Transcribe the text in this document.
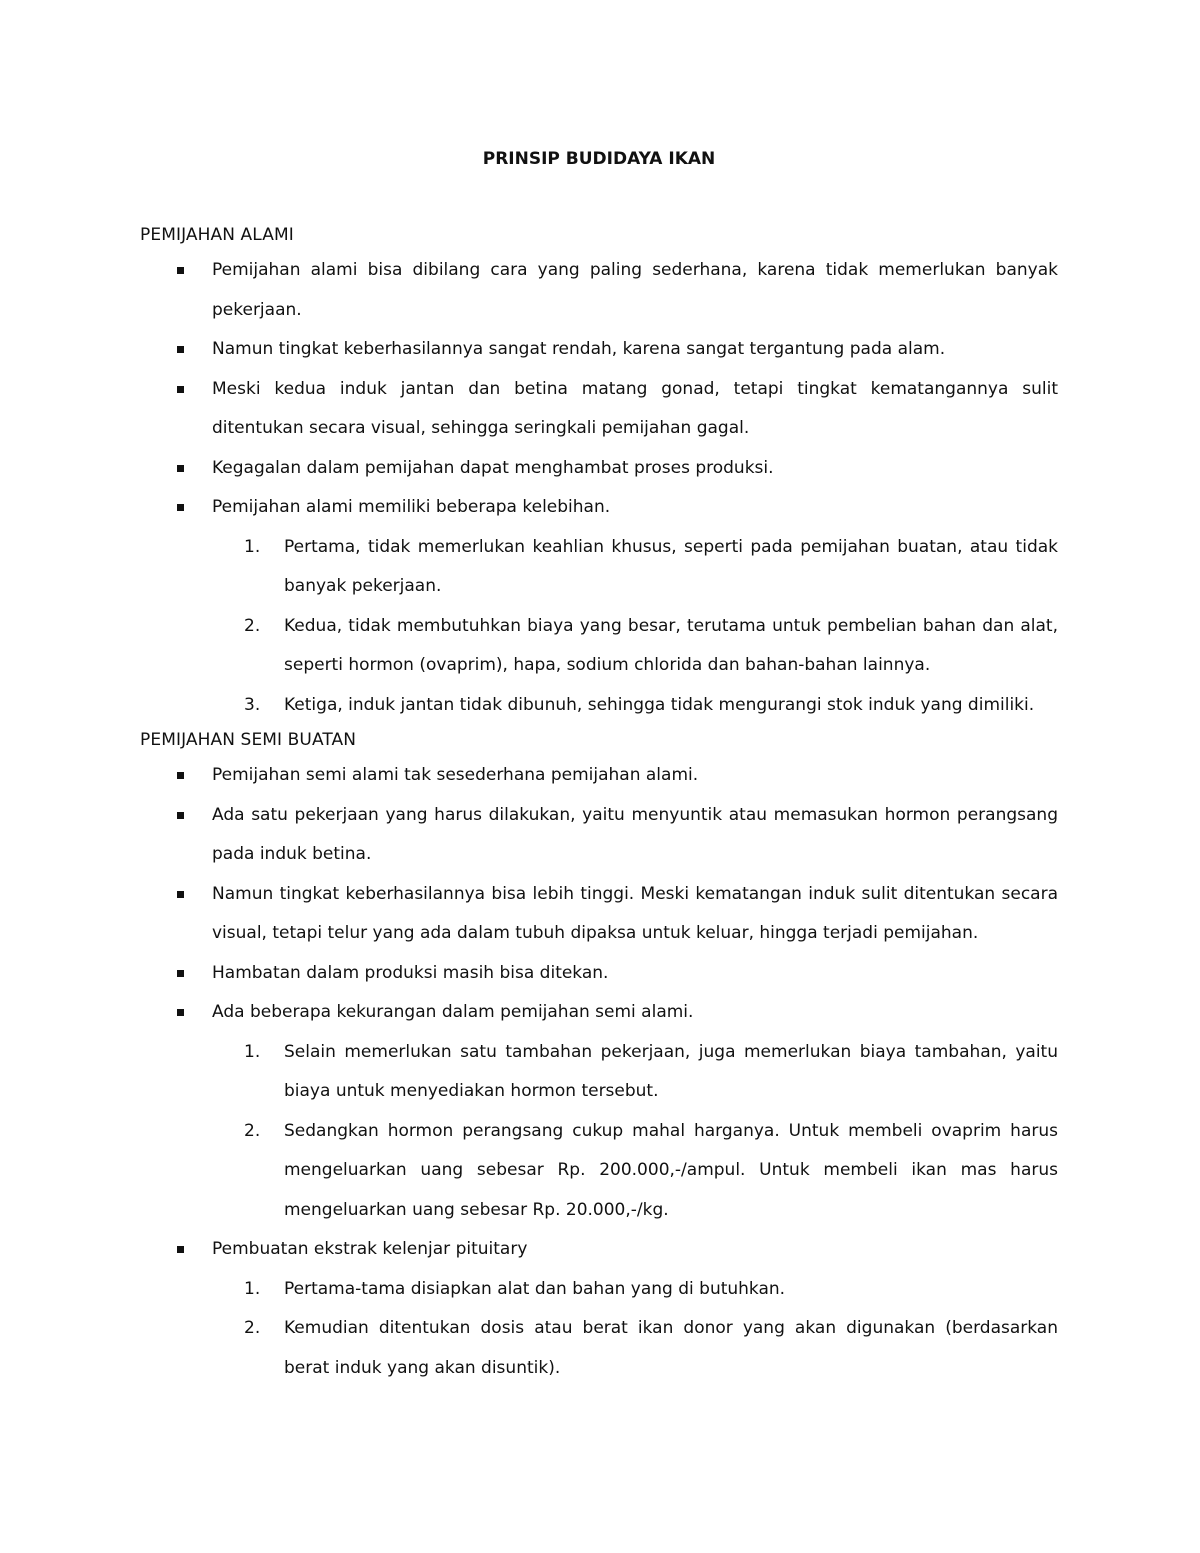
PRINSIP BUDIDAYA IKAN
PEMIJAHAN ALAMI
Pemijahan alami bisa dibilang cara yang paling sederhana, karena tidak memerlukan banyak pekerjaan.
Namun tingkat keberhasilannya sangat rendah, karena sangat tergantung pada alam.
Meski kedua induk jantan dan betina matang gonad, tetapi tingkat kematangannya sulit ditentukan secara visual, sehingga seringkali pemijahan gagal.
Kegagalan dalam pemijahan dapat menghambat proses produksi.
Pemijahan alami memiliki beberapa kelebihan.
1. Pertama, tidak memerlukan keahlian khusus, seperti pada pemijahan buatan, atau tidak banyak pekerjaan.
2. Kedua, tidak membutuhkan biaya yang besar, terutama untuk pembelian bahan dan alat, seperti hormon (ovaprim), hapa, sodium chlorida dan bahan-bahan lainnya.
3. Ketiga, induk jantan tidak dibunuh, sehingga tidak mengurangi stok induk yang dimiliki.
PEMIJAHAN SEMI BUATAN
Pemijahan semi alami tak sesederhana pemijahan alami.
Ada satu pekerjaan yang harus dilakukan, yaitu menyuntik atau memasukan hormon perangsang pada induk betina.
Namun tingkat keberhasilannya bisa lebih tinggi. Meski kematangan induk sulit ditentukan secara visual, tetapi telur yang ada dalam tubuh dipaksa untuk keluar, hingga terjadi pemijahan.
Hambatan dalam produksi masih bisa ditekan.
Ada beberapa kekurangan dalam pemijahan semi alami.
1. Selain memerlukan satu tambahan pekerjaan, juga memerlukan biaya tambahan, yaitu biaya untuk menyediakan hormon tersebut.
2. Sedangkan hormon perangsang cukup mahal harganya. Untuk membeli ovaprim harus mengeluarkan uang sebesar Rp. 200.000,-/ampul. Untuk membeli ikan mas harus mengeluarkan uang sebesar Rp. 20.000,-/kg.
Pembuatan ekstrak kelenjar pituitary
1. Pertama-tama disiapkan alat dan bahan yang di butuhkan.
2. Kemudian ditentukan dosis atau berat ikan donor yang akan digunakan (berdasarkan berat induk yang akan disuntik).
